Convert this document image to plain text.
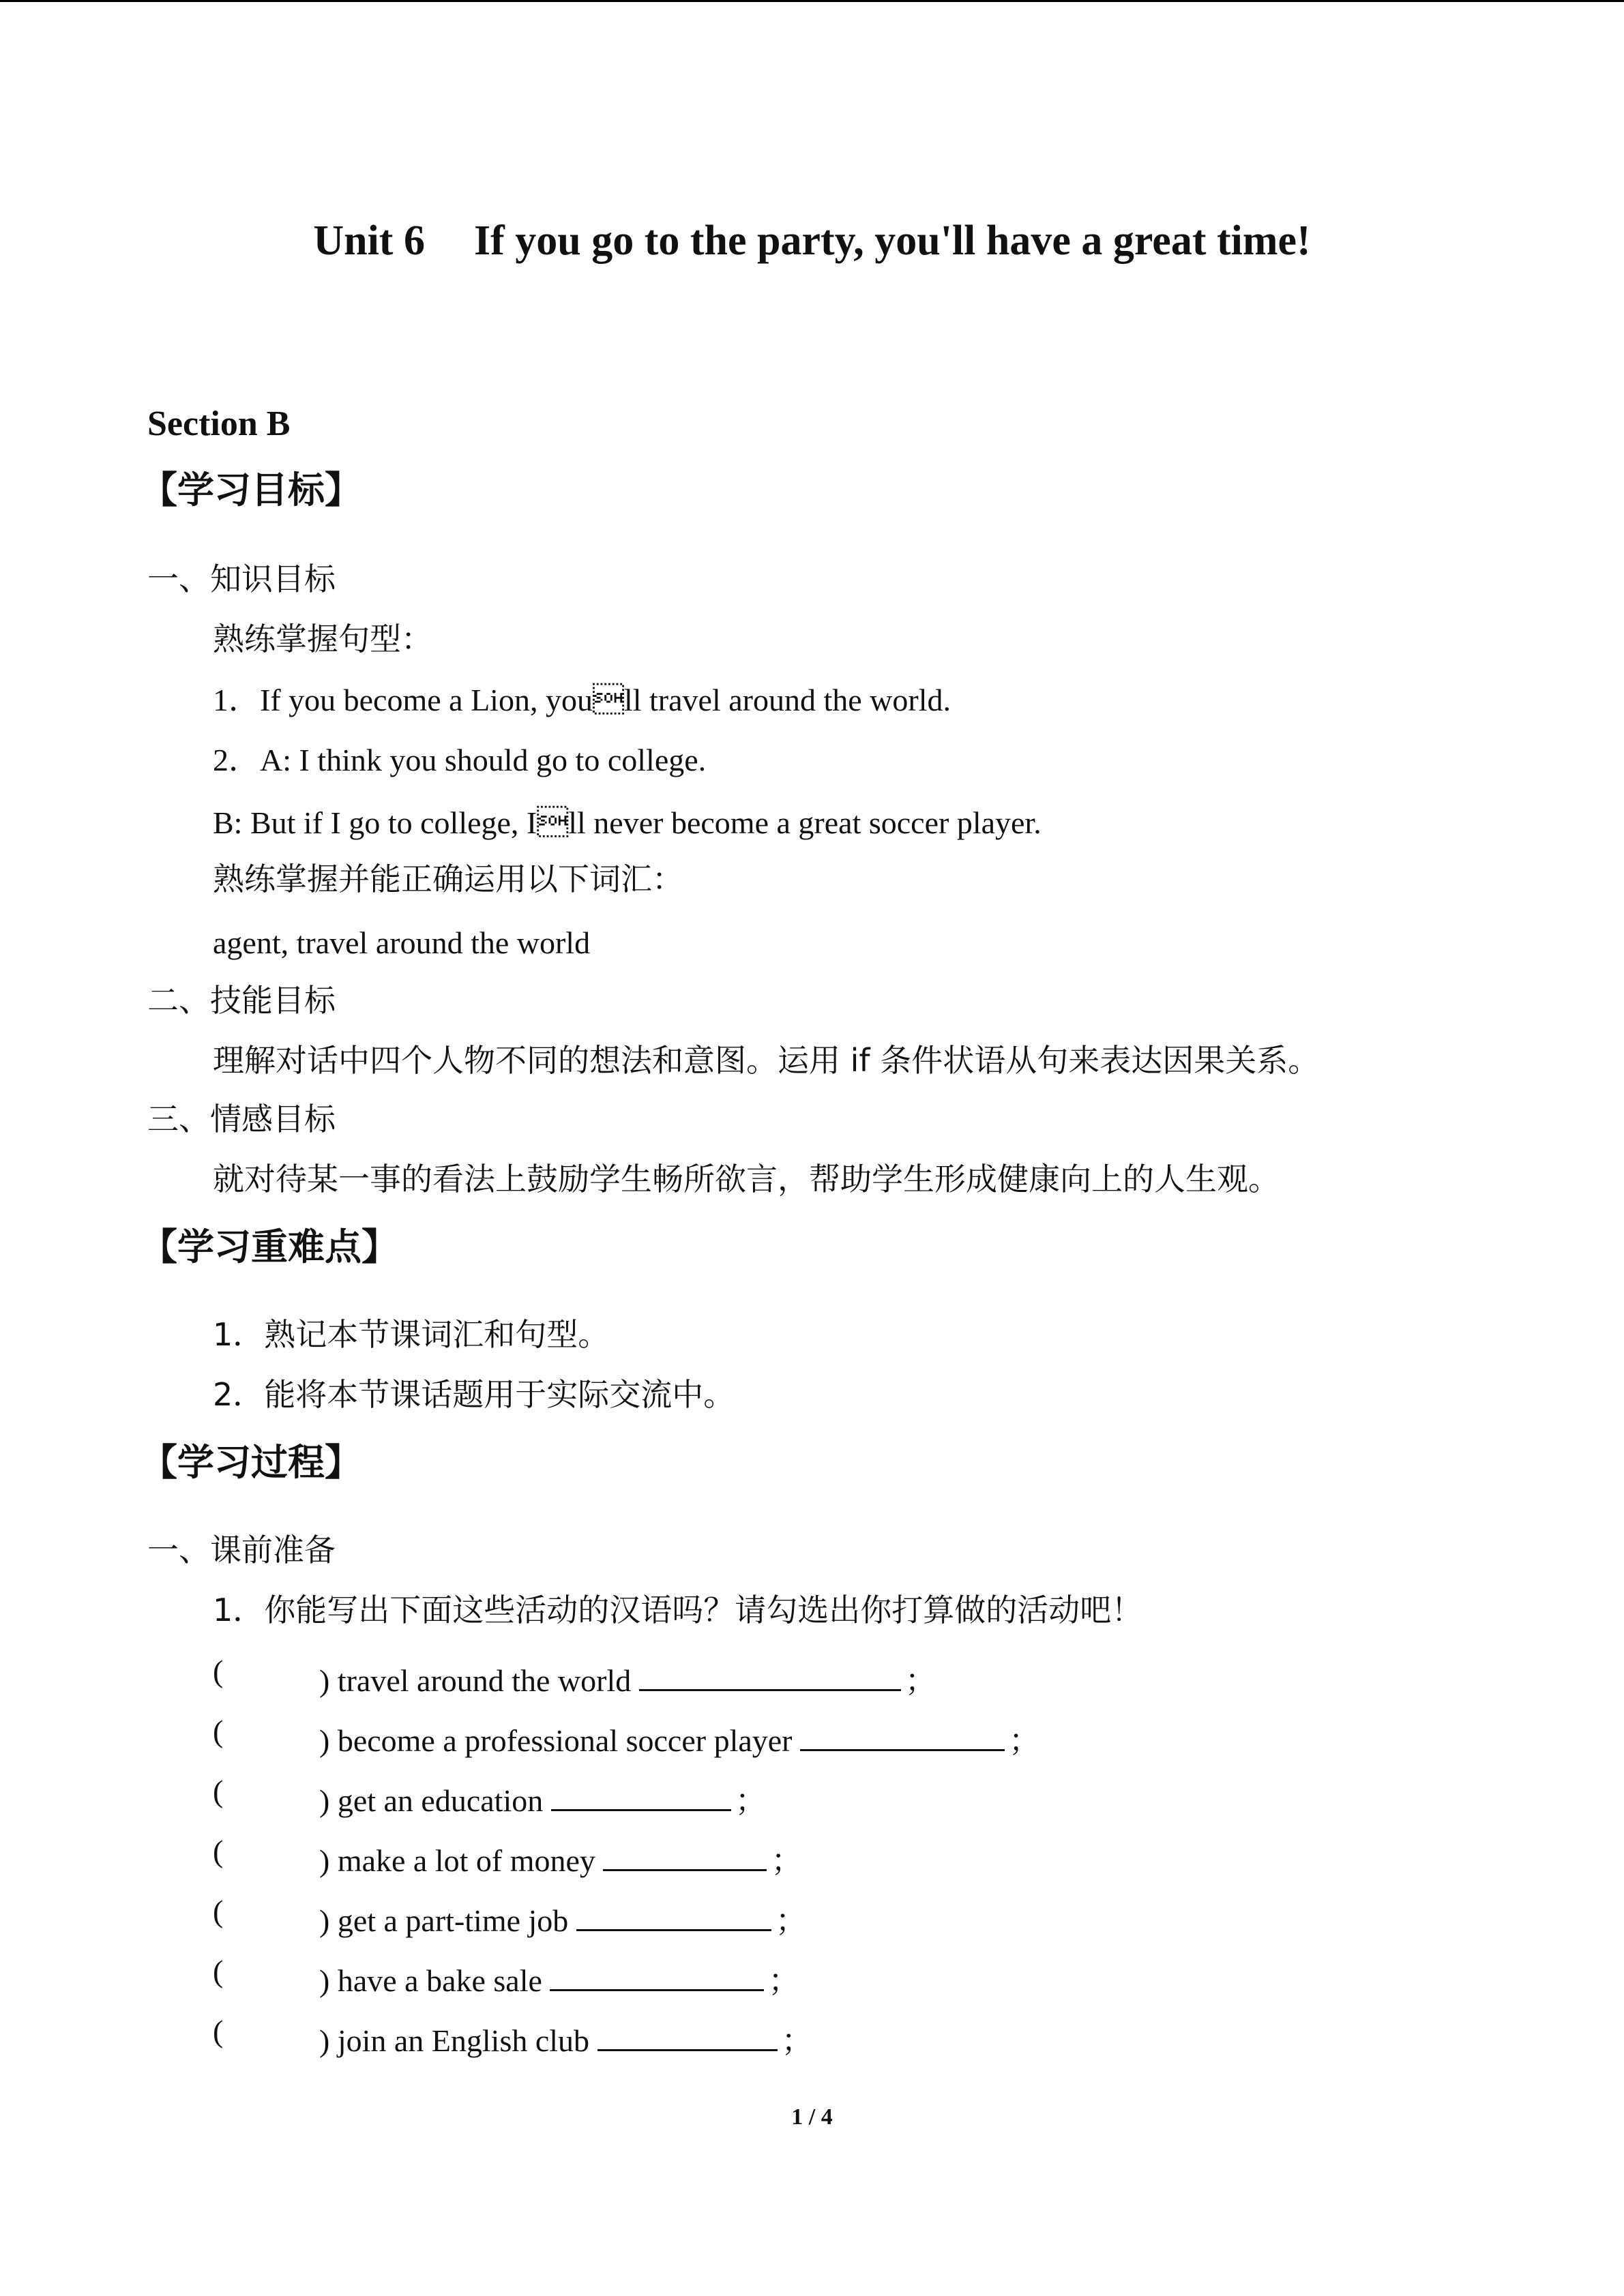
Unit 6 If you go to the party, you'll have a great time!
Section B
【学习目标】
一、知识目标
熟练掌握句型：
1．If you become a Lion, youll travel around the world.
2．A: I think you should go to college.
B: But if I go to college, Ill never become a great soccer player.
熟练掌握并能正确运用以下词汇：
agent, travel around the world
二、技能目标
理解对话中四个人物不同的想法和意图。运用 if 条件状语从句来表达因果关系。
三、情感目标
就对待某一事的看法上鼓励学生畅所欲言，帮助学生形成健康向上的人生观。
【学习重难点】
1．熟记本节课词汇和句型。
2．能将本节课话题用于实际交流中。
【学习过程】
一、课前准备
1．你能写出下面这些活动的汉语吗？请勾选出你打算做的活动吧！
(	) travel around the world	；
(	) become a professional soccer player	；
(	) get an education	；
(	) make a lot of money	；
(	) get a part-time job	；
(	) have a bake sale	；
(	) join an English club	；
1 / 4
